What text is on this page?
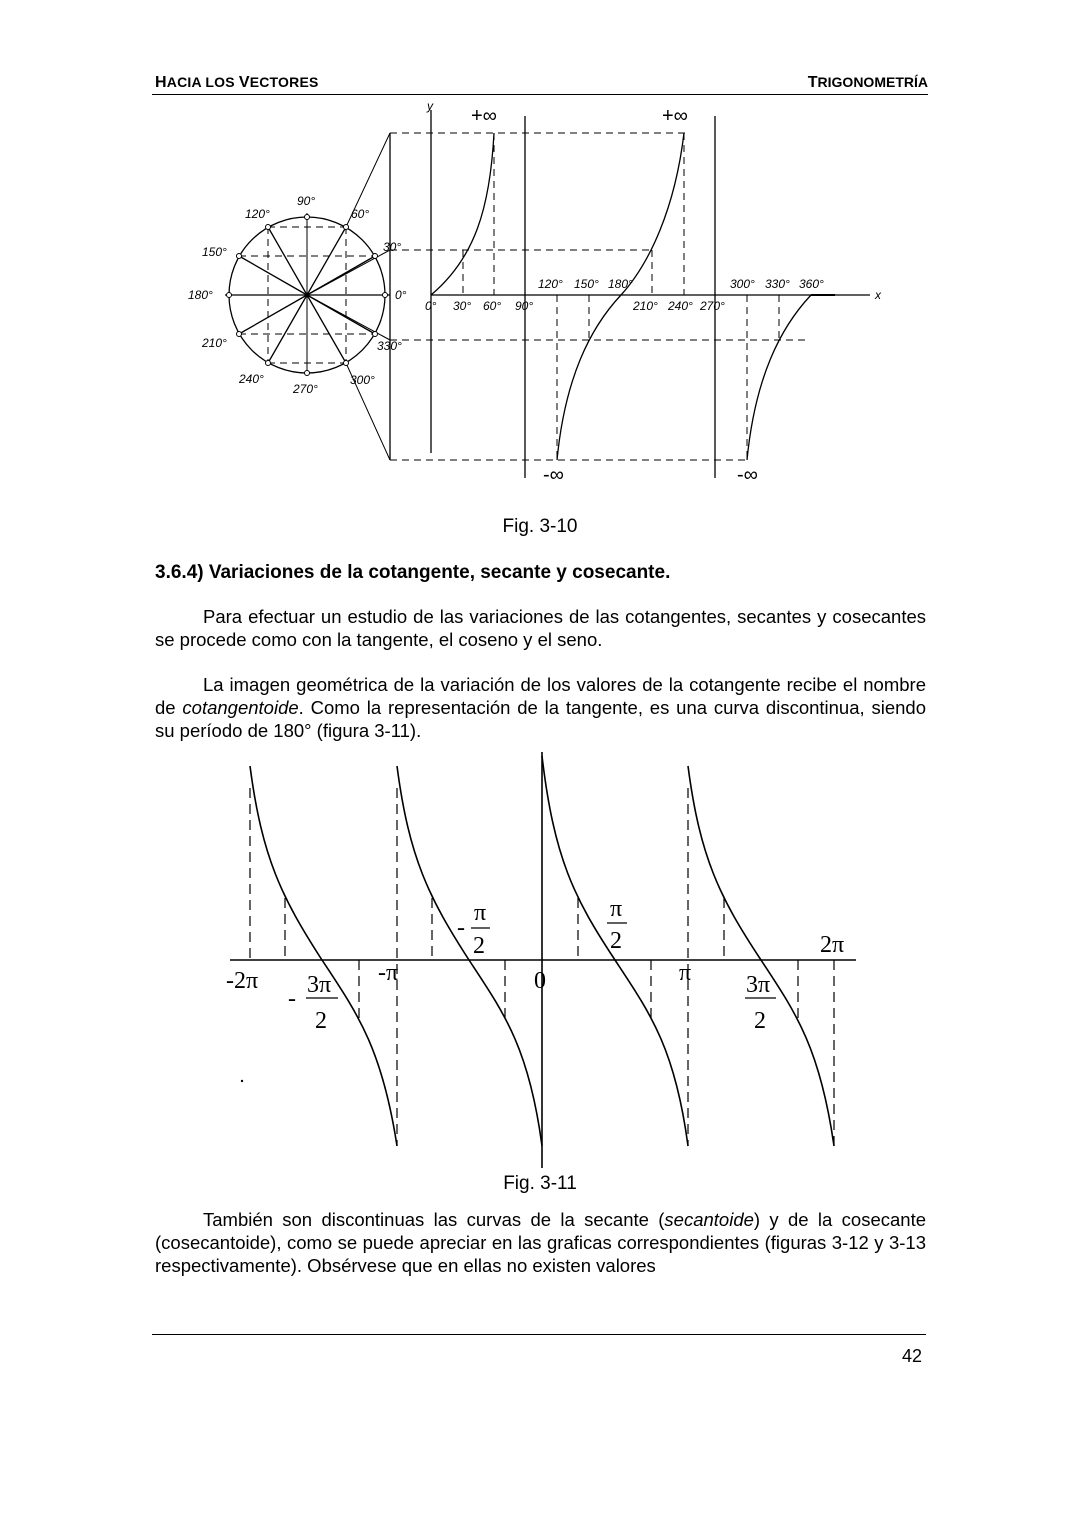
HACIA LOS VECTORES	TRIGONOMETRÍA
90°
60°
30°
0°
330°
300°
270°
240°
210°
180°
150°
120°
0° 30° 60° 90°
120° 150° 180°
210° 240° 270°
300° 330° 360°
y
x
+∞	+∞
-∞	-∞
Fig. 3-10
3.6.4) Variaciones de la cotangente, secante y cosecante.
Para efectuar un estudio de las variaciones de las cotangentes, secantes y cosecantes se procede como con la tangente, el coseno y el seno.
La imagen geométrica de la variación de los valores de la cotangente recibe el nombre de cotangentoide. Como la representación de la tangente, es una curva discontinua, siendo su período de 180° (figura 3-11).
-2π 3π
2
-
-π
π
2
-
0
π
2
π 3π
2
2π
Fig. 3-11
También son discontinuas las curvas de la secante (secantoide) y de la cosecante (cosecantoide), como se puede apreciar en las graficas correspondientes (figuras 3-12 y 3-13 respectivamente). Obsérvese que en ellas no existen valores
42
